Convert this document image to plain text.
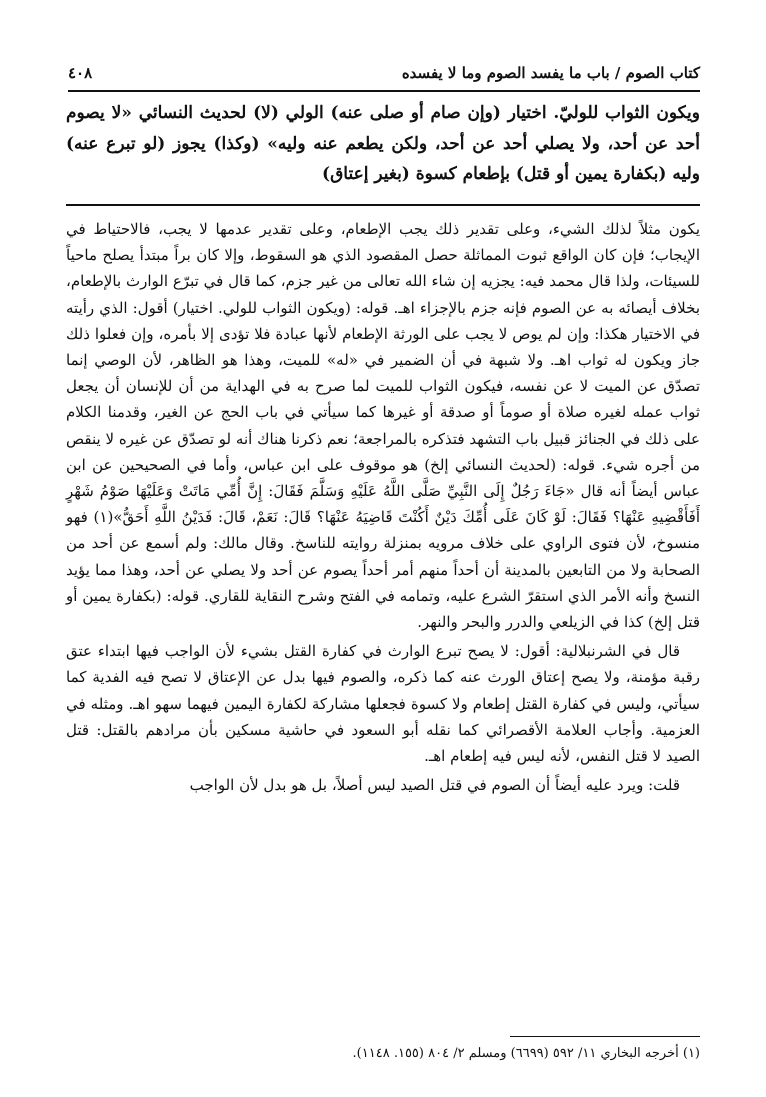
٤٠٨	كتاب الصوم / باب ما يفسد الصوم وما لا يفسده
ويكون الثواب للوليّ. اختيار (وإن صام أو صلى عنه) الولي (لا) لحديث النسائي «لا يصوم أحد عن أحد، ولا يصلي أحد عن أحد، ولكن يطعم عنه وليه» (وكذا) يجوز (لو تبرع عنه) وليه (بكفارة يمين أو قتل) بإطعام كسوة (بغير إعتاق)

يكون مثلاً لذلك الشيء، وعلى تقدير ذلك يجب الإطعام، وعلى تقدير عدمها لا يجب، فالاحتياط في الإيجاب؛ فإن كان الواقع ثبوت المماثلة حصل المقصود الذي هو السقوط، وإلا كان براً مبتدأ يصلح ماحياً للسيئات، ولذا قال محمد فيه: يجزيه إن شاء الله تعالى من غير جزم، كما قال في تبرّع الوارث بالإطعام، بخلاف أيصائه به عن الصوم فإنه جزم بالإجزاء اهـ. قوله: (ويكون الثواب للولي. اختيار) أقول: الذي رأيته في الاختيار هكذا: وإن لم يوص لا يجب على الورثة الإطعام لأنها عبادة فلا تؤدى إلا بأمره، وإن فعلوا ذلك جاز ويكون له ثواب اهـ. ولا شبهة في أن الضمير في «له» للميت، وهذا هو الظاهر، لأن الوصي إنما تصدّق عن الميت لا عن نفسه، فيكون الثواب للميت لما صرح به في الهداية من أن للإنسان أن يجعل ثواب عمله لغيره صلاة أو صوماً أو صدقة أو غيرها كما سيأتي في باب الحج عن الغير، وقدمنا الكلام على ذلك في الجنائز قبيل باب التشهد فتذكره بالمراجعة؛ نعم ذكرنا هناك أنه لو تصدّق عن غيره لا ينقص من أجره شيء. قوله: (لحديث النسائي إلخ) هو موقوف على ابن عباس، وأما في الصحيحين عن ابن عباس أيضاً أنه قال «جَاءَ رَجُلٌ إِلَى النَّبِيِّ صَلَّى اللَّهُ عَلَيْهِ وَسَلَّمَ فَقَالَ: إِنَّ أُمِّي مَاتَتْ وَعَلَيْهَا صَوْمُ شَهْرٍ أَفَأَقْضِيهِ عَنْهَا؟ فَقَالَ: لَوْ كَانَ عَلَى أُمِّكَ دَيْنٌ أَكُنْتَ قَاضِيَهُ عَنْهَا؟ قَالَ: نَعَمْ، قَالَ: فَدَيْنُ اللَّهِ أَحَقُّ»(١) فهو منسوخ، لأن فتوى الراوي على خلاف مرويه بمنزلة روايته للناسخ. وقال مالك: ولم أسمع عن أحد من الصحابة ولا من التابعين بالمدينة أن أحداً منهم أمر أحداً يصوم عن أحد ولا يصلي عن أحد، وهذا مما يؤيد النسخ وأنه الأمر الذي استقرّ الشرع عليه، وتمامه في الفتح وشرح النقاية للقاري. قوله: (بكفارة يمين أو قتل إلخ) كذا في الزيلعي والدرر والبحر والنهر.

قال في الشرنبلالية: أقول: لا يصح تبرع الوارث في كفارة القتل بشيء لأن الواجب فيها ابتداء عتق رقبة مؤمنة، ولا يصح إعتاق الورث عنه كما ذكره، والصوم فيها بدل عن الإعتاق لا تصح فيه الفدية كما سيأتي، وليس في كفارة القتل إطعام ولا كسوة فجعلها مشاركة لكفارة اليمين فيهما سهو اهـ. ومثله في العزمية. وأجاب العلامة الأقصرائي كما نقله أبو السعود في حاشية مسكين بأن مرادهم بالقتل: قتل الصيد لا قتل النفس، لأنه ليس فيه إطعام اهـ.

قلت: ويرد عليه أيضاً أن الصوم في قتل الصيد ليس أصلاً، بل هو بدل لأن الواجب

(١) أخرجه البخاري ١١/ ٥٩٢ (٦٦٩٩) ومسلم ٢/ ٨٠٤ (١٥٥. ١١٤٨).
